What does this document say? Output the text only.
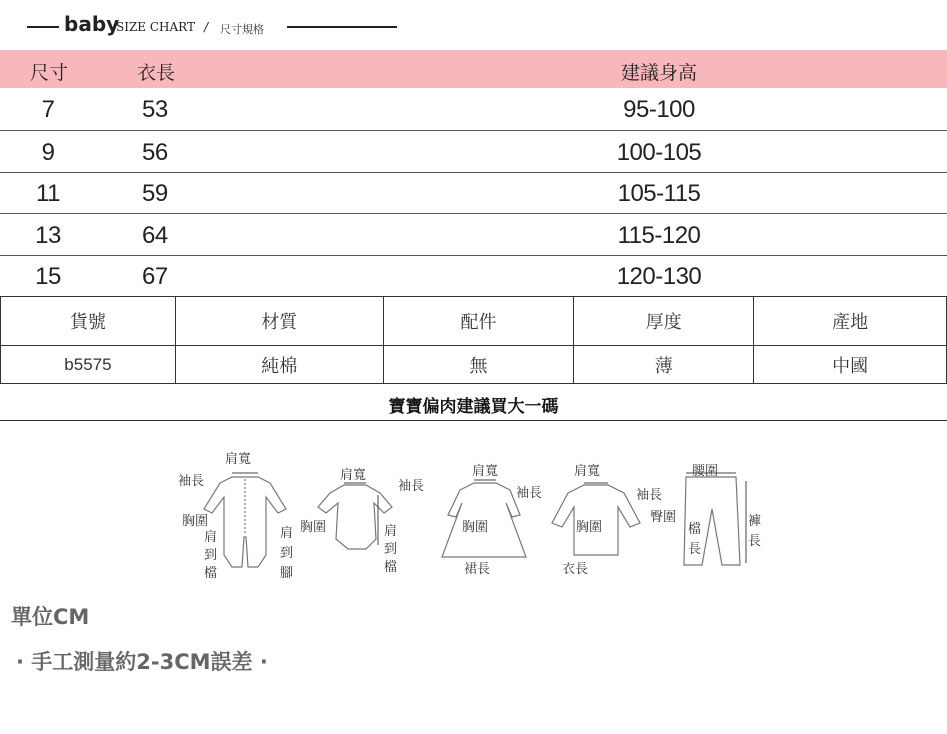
baby
SIZE CHART / 尺寸規格
尺寸	衣長	建議身高
7	53	95-100
9	56	100-105
11	59	105-115
13	64	115-120
15	67	120-130
貨號	材質	配件	厚度	產地
b5575	純棉	無	薄	中國
寶寶偏肉建議買大一碼
肩寬
袖長
胸圍
肩
到
檔
肩
到
腳
肩寬
袖長
胸圍	肩
到
檔
肩寬
袖長
胸圍
裙長
肩寬
袖長
胸圍
衣長
腰圍
臀圍
檔
長
褲
長
單位CM
· 手工測量約2-3CM誤差 ·
